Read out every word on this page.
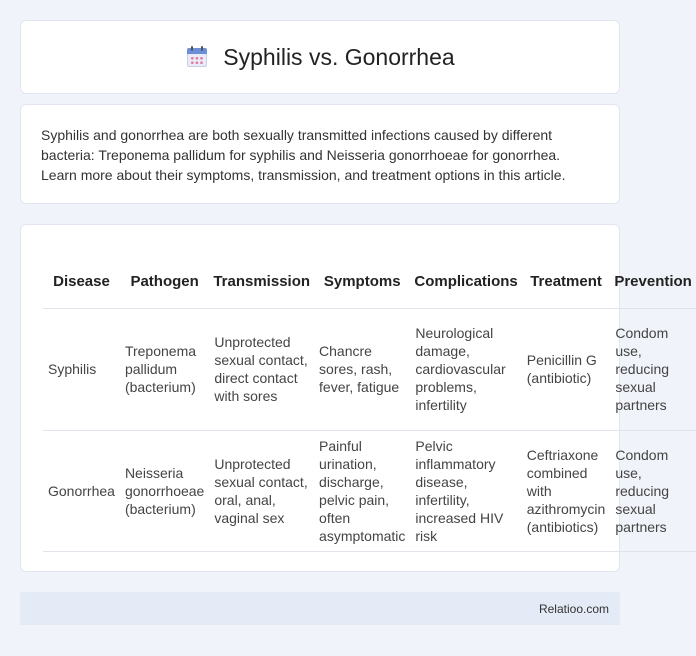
Syphilis vs. Gonorrhea

Syphilis and gonorrhea are both sexually transmitted infections caused by different bacteria: Treponema pallidum for syphilis and Neisseria gonorrhoeae for gonorrhea. Learn more about their symptoms, transmission, and treatment options in this article.

Disease	Pathogen	Transmission	Symptoms	Complications	Treatment	Prevention
Syphilis	Treponema pallidum (bacterium)	Unprotected sexual contact, direct contact with sores	Chancre sores, rash, fever, fatigue	Neurological damage, cardiovascular problems, infertility	Penicillin G (antibiotic)	Condom use, reducing sexual partners
Gonorrhea	Neisseria gonorrhoeae (bacterium)	Unprotected sexual contact, oral, anal, vaginal sex	Painful urination, discharge, pelvic pain, often asymptomatic	Pelvic inflammatory disease, infertility, increased HIV risk	Ceftriaxone combined with azithromycin (antibiotics)	Condom use, reducing sexual partners
Relatioo.com
